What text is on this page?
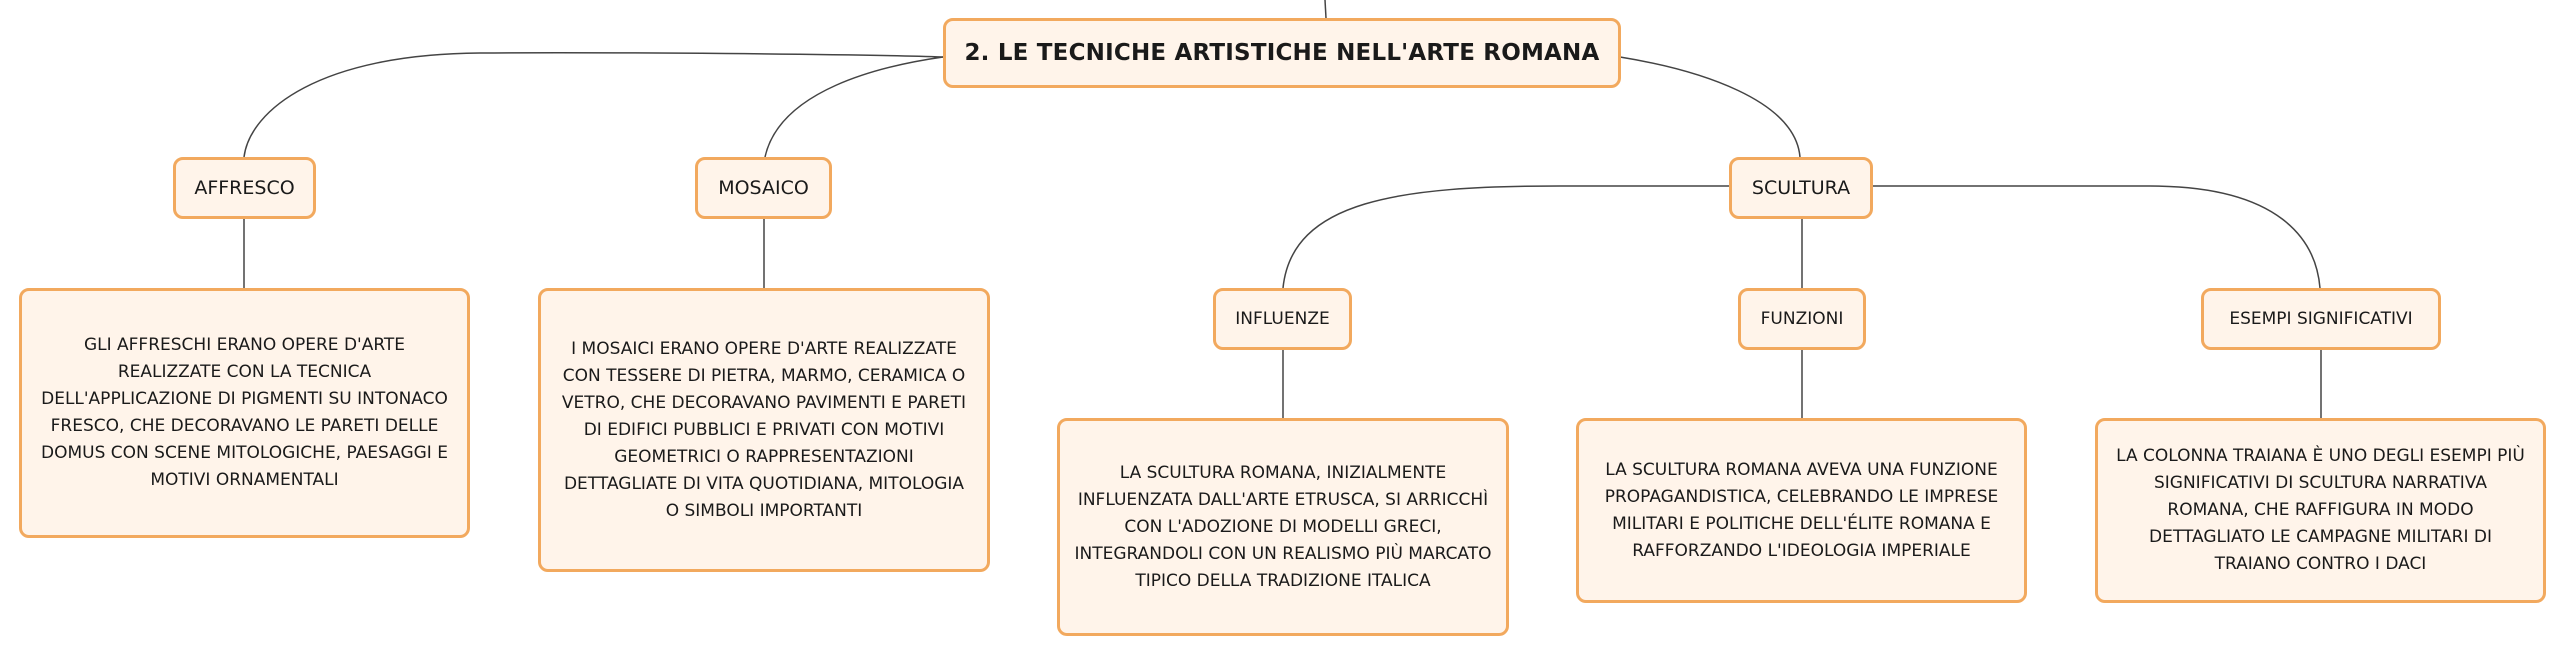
2. LE TECNICHE ARTISTICHE NELL'ARTE ROMANA
AFFRESCO	MOSAICO	SCULTURA
GLI AFFRESCHI ERANO OPERE D'ARTE REALIZZATE CON LA TECNICA DELL'APPLICAZIONE DI PIGMENTI SU INTONACO FRESCO, CHE DECORAVANO LE PARETI DELLE DOMUS CON SCENE MITOLOGICHE, PAESAGGI E MOTIVI ORNAMENTALI
I MOSAICI ERANO OPERE D'ARTE REALIZZATE CON TESSERE DI PIETRA, MARMO, CERAMICA O VETRO, CHE DECORAVANO PAVIMENTI E PARETI DI EDIFICI PUBBLICI E PRIVATI CON MOTIVI GEOMETRICI O RAPPRESENTAZIONI DETTAGLIATE DI VITA QUOTIDIANA, MITOLOGIA O SIMBOLI IMPORTANTI
INFLUENZE	FUNZIONI	ESEMPI SIGNIFICATIVI
LA SCULTURA ROMANA, INIZIALMENTE INFLUENZATA DALL'ARTE ETRUSCA, SI ARRICCHÌ CON L'ADOZIONE DI MODELLI GRECI, INTEGRANDOLI CON UN REALISMO PIÙ MARCATO TIPICO DELLA TRADIZIONE ITALICA
LA SCULTURA ROMANA AVEVA UNA FUNZIONE PROPAGANDISTICA, CELEBRANDO LE IMPRESE MILITARI E POLITICHE DELL'ÉLITE ROMANA E RAFFORZANDO L'IDEOLOGIA IMPERIALE
LA COLONNA TRAIANA È UNO DEGLI ESEMPI PIÙ SIGNIFICATIVI DI SCULTURA NARRATIVA ROMANA, CHE RAFFIGURA IN MODO DETTAGLIATO LE CAMPAGNE MILITARI DI TRAIANO CONTRO I DACI
